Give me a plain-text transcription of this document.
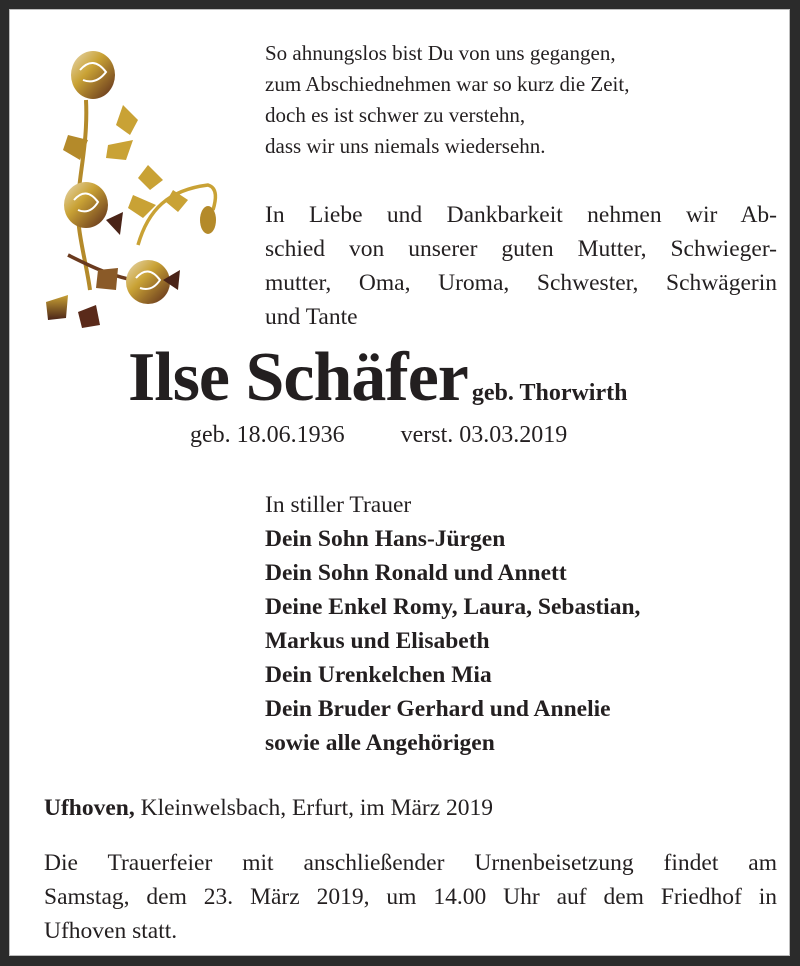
So ahnungslos bist Du von uns gegangen,
zum Abschiednehmen war so kurz die Zeit,
doch es ist schwer zu verstehn,
dass wir uns niemals wiedersehn.
In Liebe und Dankbarkeit nehmen wir Ab-
schied von unserer guten Mutter, Schwieger-
mutter, Oma, Uroma, Schwester, Schwägerin
und Tante
Ilse Schäfer geb. Thorwirth
geb. 18.06.1936 verst. 03.03.2019
In stiller Trauer
Dein Sohn Hans-Jürgen
Dein Sohn Ronald und Annett
Deine Enkel Romy, Laura, Sebastian,
Markus und Elisabeth
Dein Urenkelchen Mia
Dein Bruder Gerhard und Annelie
sowie alle Angehörigen
Ufhoven, Kleinwelsbach, Erfurt, im März 2019
Die Trauerfeier mit anschließender Urnenbeisetzung findet am
Samstag, dem 23. März 2019, um 14.00 Uhr auf dem Friedhof in
Ufhoven statt.
